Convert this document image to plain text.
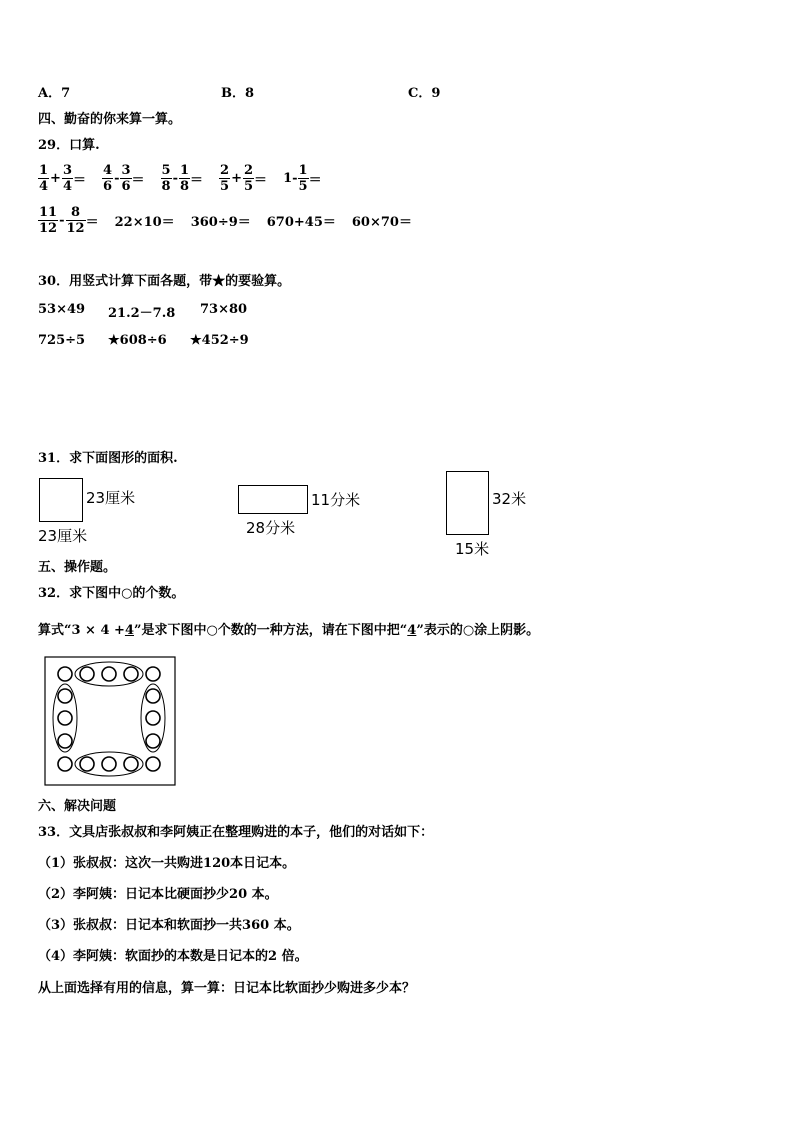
A．7	B．8	C．9
四、勤奋的你来算一算。
29．口算.
$\frac{1}{4} + \frac{3}{4} = \frac{4}{6} - \frac{3}{6} = \frac{5}{8} - \frac{1}{8} = \frac{2}{5} + \frac{2}{5} = 1- \frac{1}{5}$ ＝
$\frac{11}{12} - \frac{8}{12} = 22\times 10= 360\div 9= 670+45= 60\times 70=$
30．用竖式计算下面各题，带★的要验算。
53×49 21.2－7.8 73×80
725÷5 ★608÷6 ★452÷9
31．求下面图形的面积.
23厘米
23厘米
11分米
28分米
32米
15米
五、操作题。
32．求下图中○的个数。
算式“3 × 4 +4”是求下图中○个数的一种方法，请在下图中把“4”表示的○涂上阴影。
六、解决问题
33．文具店张叔叔和李阿姨正在整理购进的本子，他们的对话如下：
（1）张叔叔：这次一共购进120本日记本。
（2）李阿姨：日记本比硬面抄少20 本。
（3）张叔叔：日记本和软面抄一共360 本。
（4）李阿姨：软面抄的本数是日记本的2 倍。
从上面选择有用的信息，算一算：日记本比软面抄少购进多少本？
